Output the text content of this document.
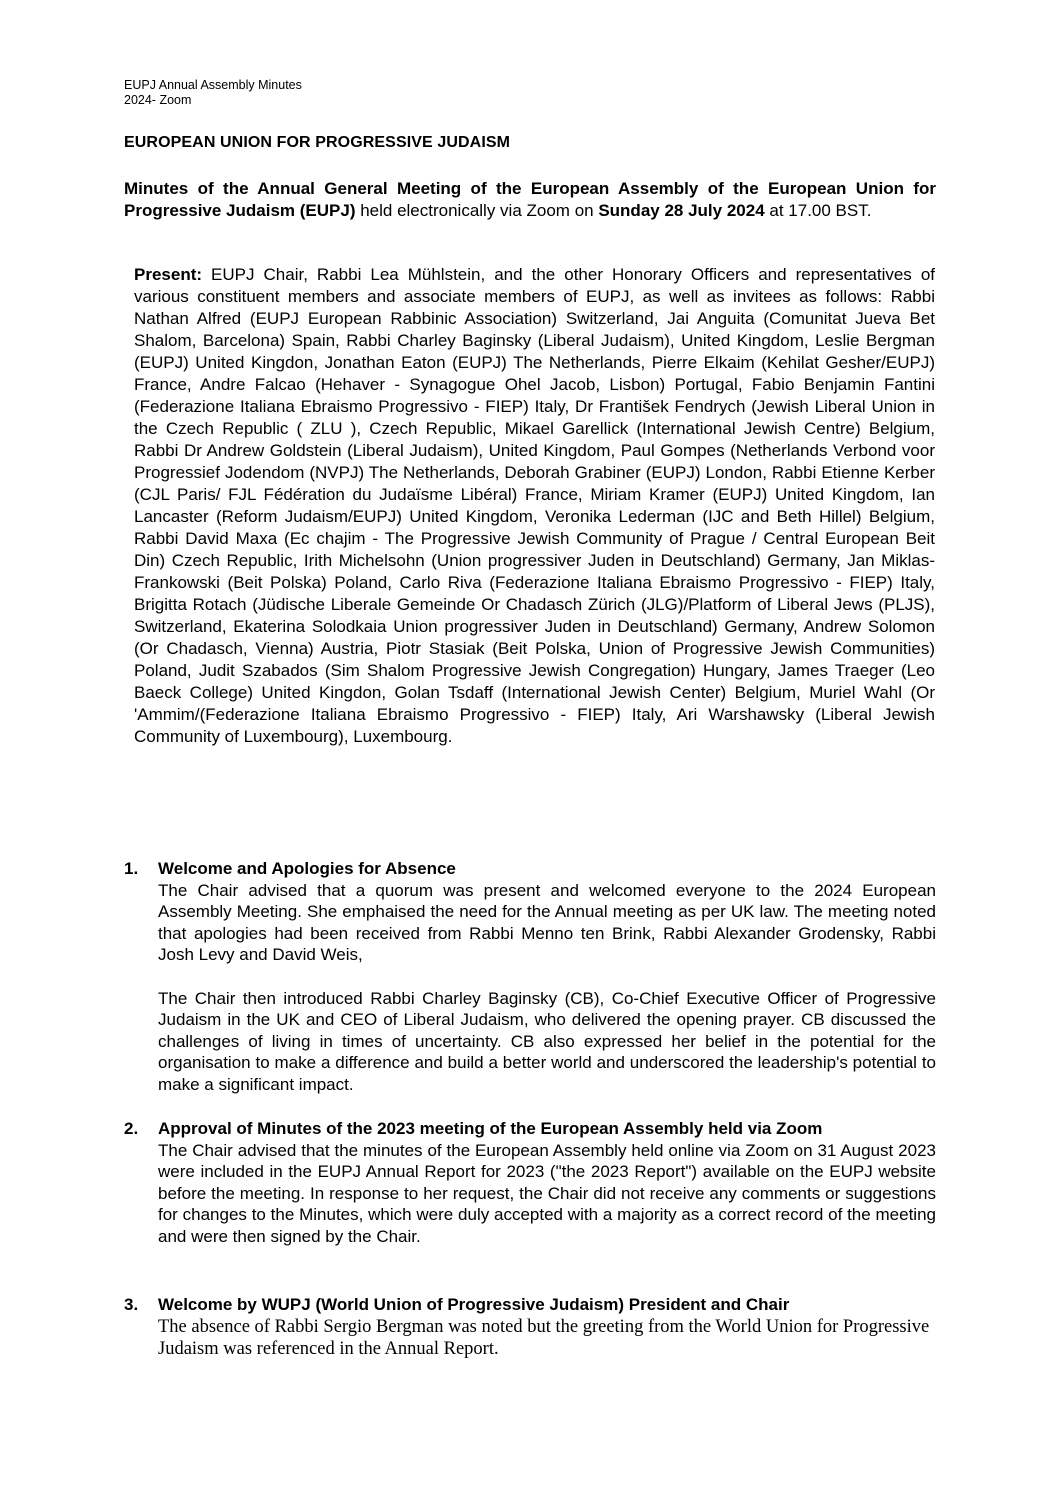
EUPJ Annual Assembly Minutes
2024- Zoom
EUROPEAN UNION FOR PROGRESSIVE JUDAISM
Minutes of the Annual General Meeting of the European Assembly of the European Union for Progressive Judaism (EUPJ) held electronically via Zoom on Sunday 28 July 2024 at 17.00 BST.
Present: EUPJ Chair, Rabbi Lea Mühlstein, and the other Honorary Officers and representatives of various constituent members and associate members of EUPJ, as well as invitees as follows: Rabbi Nathan Alfred (EUPJ European Rabbinic Association) Switzerland, Jai Anguita (Comunitat Jueva Bet Shalom, Barcelona) Spain, Rabbi Charley Baginsky (Liberal Judaism), United Kingdom, Leslie Bergman (EUPJ) United Kingdon, Jonathan Eaton (EUPJ) The Netherlands, Pierre Elkaim (Kehilat Gesher/EUPJ) France, Andre Falcao (Hehaver - Synagogue Ohel Jacob, Lisbon) Portugal, Fabio Benjamin Fantini (Federazione Italiana Ebraismo Progressivo - FIEP) Italy, Dr František Fendrych (Jewish Liberal Union in the Czech Republic ( ZLU ), Czech Republic, Mikael Garellick (International Jewish Centre) Belgium, Rabbi Dr Andrew Goldstein (Liberal Judaism), United Kingdom, Paul Gompes (Netherlands Verbond voor Progressief Jodendom (NVPJ) The Netherlands, Deborah Grabiner (EUPJ) London, Rabbi Etienne Kerber (CJL Paris/ FJL Fédération du Judaïsme Libéral) France, Miriam Kramer (EUPJ) United Kingdom, Ian Lancaster (Reform Judaism/EUPJ) United Kingdom, Veronika Lederman (IJC and Beth Hillel) Belgium, Rabbi David Maxa (Ec chajim - The Progressive Jewish Community of Prague / Central European Beit Din) Czech Republic, Irith Michelsohn (Union progressiver Juden in Deutschland) Germany, Jan Miklas-Frankowski (Beit Polska) Poland, Carlo Riva (Federazione Italiana Ebraismo Progressivo - FIEP) Italy, Brigitta Rotach (Jüdische Liberale Gemeinde Or Chadasch Zürich (JLG)/Platform of Liberal Jews (PLJS), Switzerland, Ekaterina Solodkaia Union progressiver Juden in Deutschland) Germany, Andrew Solomon (Or Chadasch, Vienna) Austria, Piotr Stasiak (Beit Polska, Union of Progressive Jewish Communities) Poland, Judit Szabados (Sim Shalom Progressive Jewish Congregation) Hungary, James Traeger (Leo Baeck College) United Kingdon, Golan Tsdaff (International Jewish Center) Belgium, Muriel Wahl (Or 'Ammim/(Federazione Italiana Ebraismo Progressivo - FIEP) Italy, Ari Warshawsky (Liberal Jewish Community of Luxembourg), Luxembourg.
1.	Welcome and Apologies for Absence

The Chair advised that a quorum was present and welcomed everyone to the 2024 European Assembly Meeting. She emphaised the need for the Annual meeting as per UK law. The meeting noted that apologies had been received from Rabbi Menno ten Brink, Rabbi Alexander Grodensky, Rabbi Josh Levy and David Weis,

The Chair then introduced Rabbi Charley Baginsky (CB), Co-Chief Executive Officer of Progressive Judaism in the UK and CEO of Liberal Judaism, who delivered the opening prayer. CB discussed the challenges of living in times of uncertainty. CB also expressed her belief in the potential for the organisation to make a difference and build a better world and underscored the leadership's potential to make a significant impact.

2.	Approval of Minutes of the 2023 meeting of the European Assembly held via Zoom

The Chair advised that the minutes of the European Assembly held online via Zoom on 31 August 2023 were included in the EUPJ Annual Report for 2023 ("the 2023 Report") available on the EUPJ website before the meeting. In response to her request, the Chair did not receive any comments or suggestions for changes to the Minutes, which were duly accepted with a majority as a correct record of the meeting and were then signed by the Chair.

3.	Welcome by WUPJ (World Union of Progressive Judaism) President and Chair

The absence of Rabbi Sergio Bergman was noted but the greeting from the World Union for Progressive Judaism was referenced in the Annual Report.
